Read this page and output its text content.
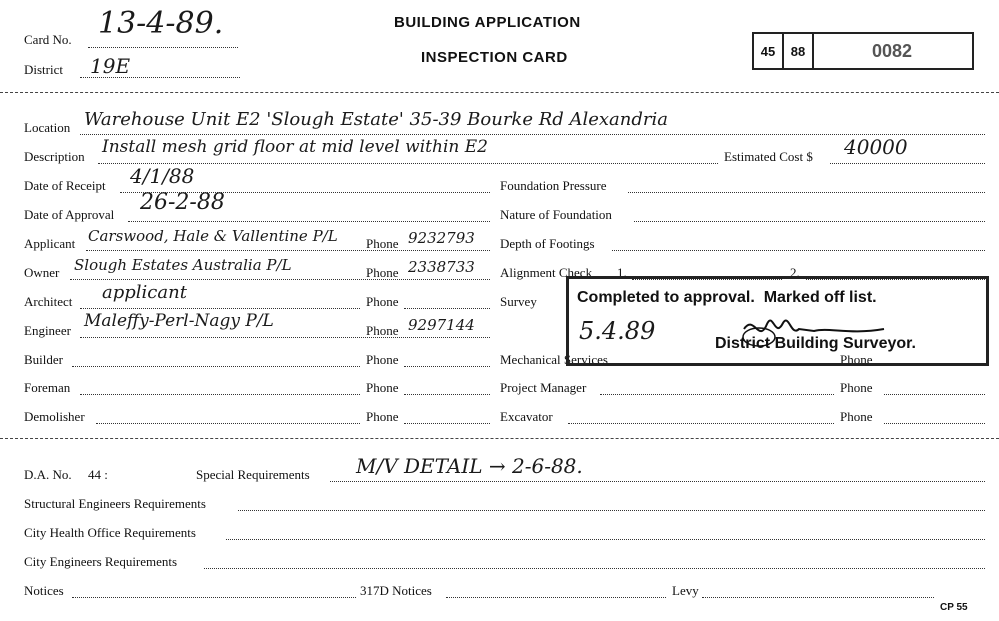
Card No. 13-4-89.
District 19E
BUILDING APPLICATION
INSPECTION CARD	45	88	0082
Location Warehouse Unit E2 'Slough Estate' 35-39 Bourke Rd Alexandria
Description Install mesh grid floor at mid level within E2	Estimated Cost $ 40000
Date of Receipt 4/1/88	Foundation Pressure
Date of Approval 26-2-88	Nature of Foundation
Applicant Carswood, Hale & Vallentine P/L Phone 9232793 Depth of Footings
Owner Slough Estates Australia P/L	Phone 2338733 Alignment Check 1.	2.
Architect applicant	Phone	Survey
Engineer Maleffy-Perl-Nagy P/L	Phone 9297144
Builder	Phone	Mechanical Services	Phone
Foreman	Phone	Project Manager	Phone
Demolisher	Phone	Excavator	Phone
Completed to approval.  Marked off list.
5.4.89	District Building Surveyor.
D.A. No. 44 :	Special Requirements M/V DETAIL → 2-6-88.
Structural Engineers Requirements
City Health Office Requirements
City Engineers Requirements
Notices	317D Notices	Levy
CP 55
